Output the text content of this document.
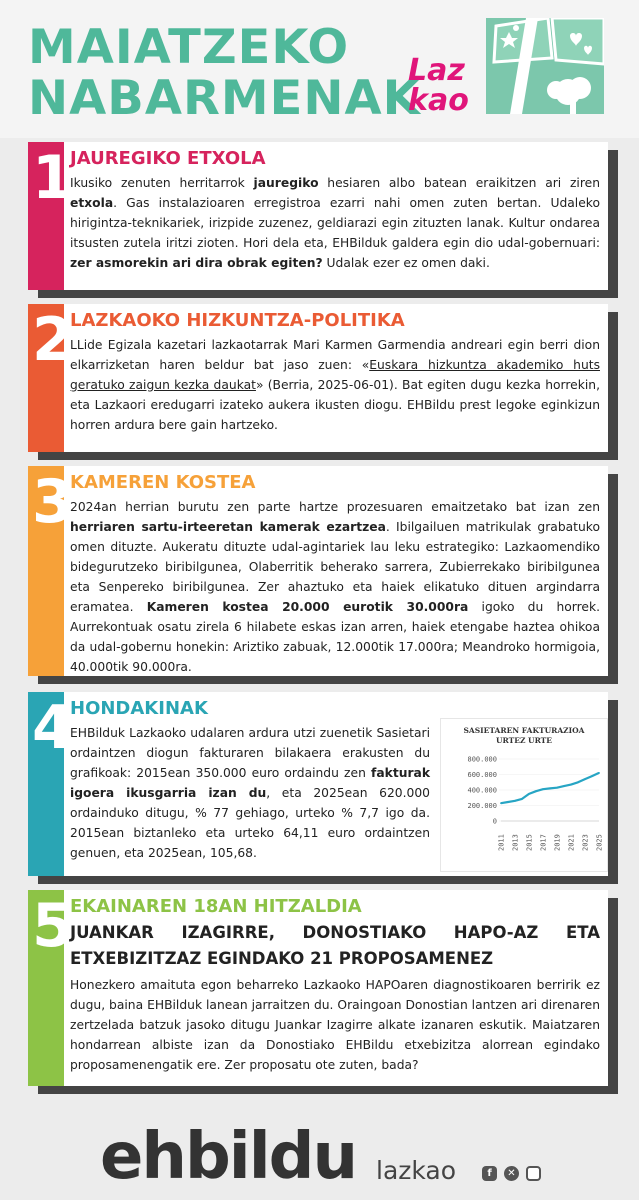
MAIATZEKO
NABARMENAK
Laz
kao
1
JAUREGIKO ETXOLA

Ikusiko zenuten herritarrok jauregiko hesiaren albo batean eraikitzen ari ziren etxola. Gas instalazioaren erregistroa ezarri nahi omen zuten bertan. Udaleko hirigintza-teknikariek, irizpide zuzenez, geldiarazi egin zituzten lanak. Kultur ondarea itsusten zutela iritzi zioten. Hori dela eta, EHBilduk galdera egin dio udal-gobernuari: zer asmorekin ari dira obrak egiten? Udalak ezer ez omen daki.

2
LAZKAOKO HIZKUNTZA-POLITIKA

LLide Egizala kazetari lazkaotarrak Mari Karmen Garmendia andreari egin berri dion elkarrizketan haren beldur bat jaso zuen: «Euskara hizkuntza akademiko huts geratuko zaigun kezka daukat» (Berria, 2025-06-01). Bat egiten dugu kezka horrekin, eta Lazkaori eredugarri izateko aukera ikusten diogu. EHBildu prest legoke eginkizun horren ardura bere gain hartzeko.

3
KAMEREN KOSTEA

2024an herrian burutu zen parte hartze prozesuaren emaitzetako bat izan zen herriaren sartu-irteeretan kamerak ezartzea. Ibilgailuen matrikulak grabatuko omen dituzte. Aukeratu dituzte udal-agintariek lau leku estrategiko: Lazkaomendiko bidegurutzeko biribilgunea, Olaberritik beherako sarrera, Zubierrekako biribilgunea eta Senpereko biribilgunea. Zer ahaztuko eta haiek elikatuko dituen argindarra eramatea. Kameren kostea 20.000 eurotik 30.000ra igoko du horrek. Aurrekontuak osatu zirela 6 hilabete eskas izan arren, haiek etengabe haztea ohikoa da udal-gobernu honekin: Ariztiko zabuak, 12.000tik 17.000ra; Meandroko hormigoia, 40.000tik 90.000ra.

4
HONDAKINAK

EHBilduk Lazkaoko udalaren ardura utzi zuenetik Sasietari ordaintzen diogun fakturaren bilakaera erakusten du grafikoak: 2015ean 350.000 euro ordaindu zen fakturak igoera ikusgarria izan du, eta 2025ean 620.000 ordainduko ditugu, % 77 gehiago, urteko % 7,7 igo da. 2015ean biztanleko eta urteko 64,11 euro ordaintzen genuen, eta 2025ean, 105,68.

SASIETAREN FAKTURAZIOA
URTEZ URTE
800.000
600.000
400.000
200.000
0
2011 2013 2015 2017 2019 2021 2023 2025
5
EKAINAREN 18AN HITZALDIA
JUANKAR IZAGIRRE, DONOSTIAKO HAPO-AZ ETA
ETXEBIZITZAZ EGINDAKO 21 PROPOSAMENEZ

Honezkero amaituta egon beharreko Lazkaoko HAPOaren diagnostikoaren berririk ez dugu, baina EHBilduk lanean jarraitzen du. Oraingoan Donostian lantzen ari direnaren zertzelada batzuk jasoko ditugu Juankar Izagirre alkate izanaren eskutik. Maiatzaren hondarrean albiste izan da Donostiako EHBildu etxebizitza alorrean egindako proposamenengatik ere. Zer proposatu ote zuten, bada?

ehbildu lazkao	f	✕
